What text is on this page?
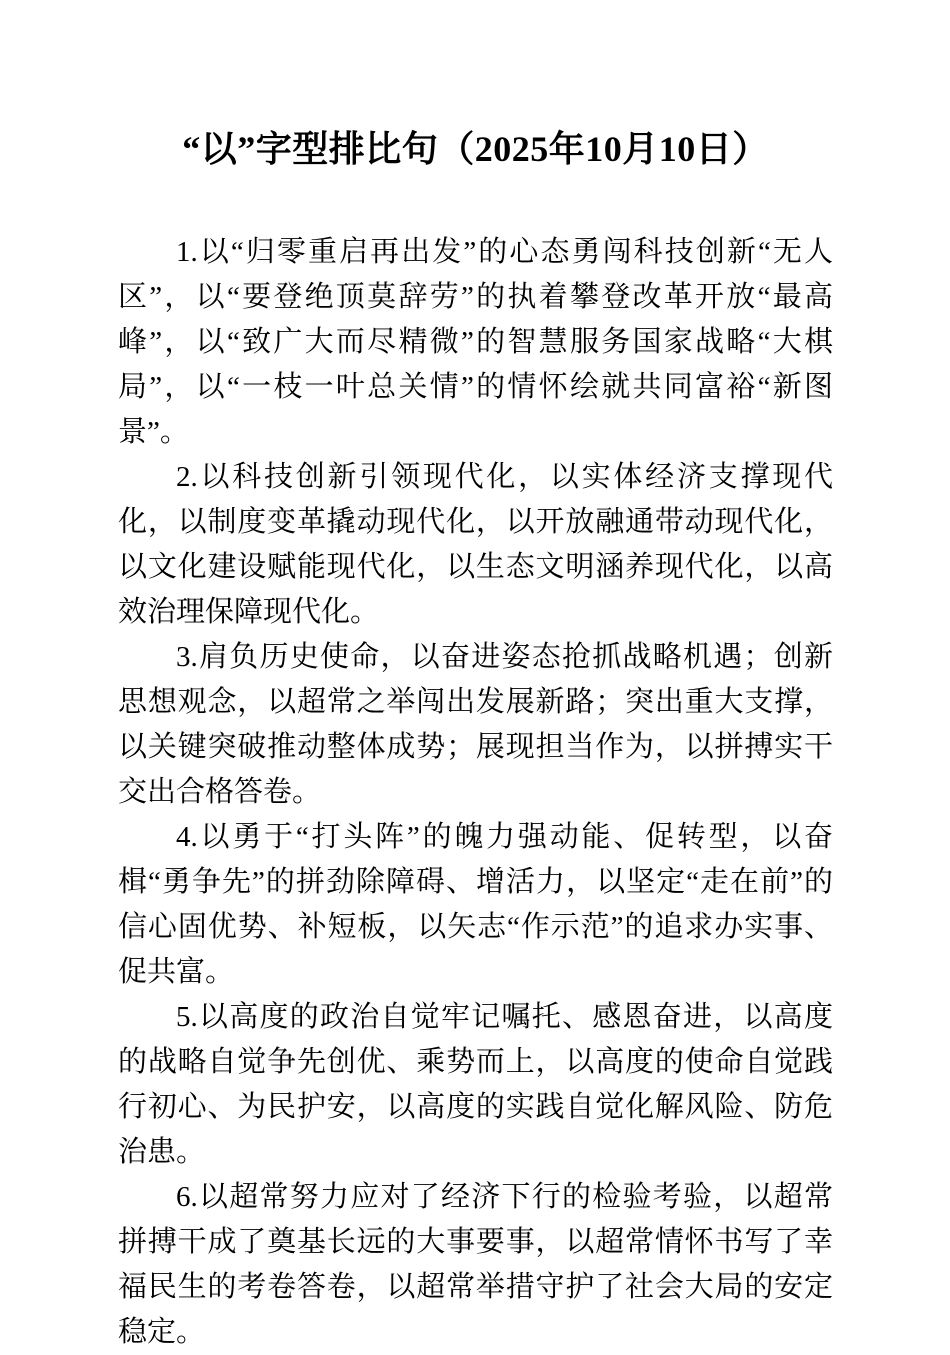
“以”字型排比句（2025年10月10日）

1.以“归零重启再出发”的心态勇闯科技创新“无人区”，以“要登绝顶莫辞劳”的执着攀登改革开放“最高峰”，以“致广大而尽精微”的智慧服务国家战略“大棋局”，以“一枝一叶总关情”的情怀绘就共同富裕“新图景”。

2.以科技创新引领现代化，以实体经济支撑现代化，以制度变革撬动现代化，以开放融通带动现代化，以文化建设赋能现代化，以生态文明涵养现代化，以高效治理保障现代化。

3.肩负历史使命，以奋进姿态抢抓战略机遇；创新思想观念，以超常之举闯出发展新路；突出重大支撑，以关键突破推动整体成势；展现担当作为，以拼搏实干交出合格答卷。

4.以勇于“打头阵”的魄力强动能、促转型，以奋楫“勇争先”的拼劲除障碍、增活力，以坚定“走在前”的信心固优势、补短板，以矢志“作示范”的追求办实事、促共富。

5.以高度的政治自觉牢记嘱托、感恩奋进，以高度的战略自觉争先创优、乘势而上，以高度的使命自觉践行初心、为民护安，以高度的实践自觉化解风险、防危治患。

6.以超常努力应对了经济下行的检验考验，以超常拼搏干成了奠基长远的大事要事，以超常情怀书写了幸福民生的考卷答卷，以超常举措守护了社会大局的安定稳定。
